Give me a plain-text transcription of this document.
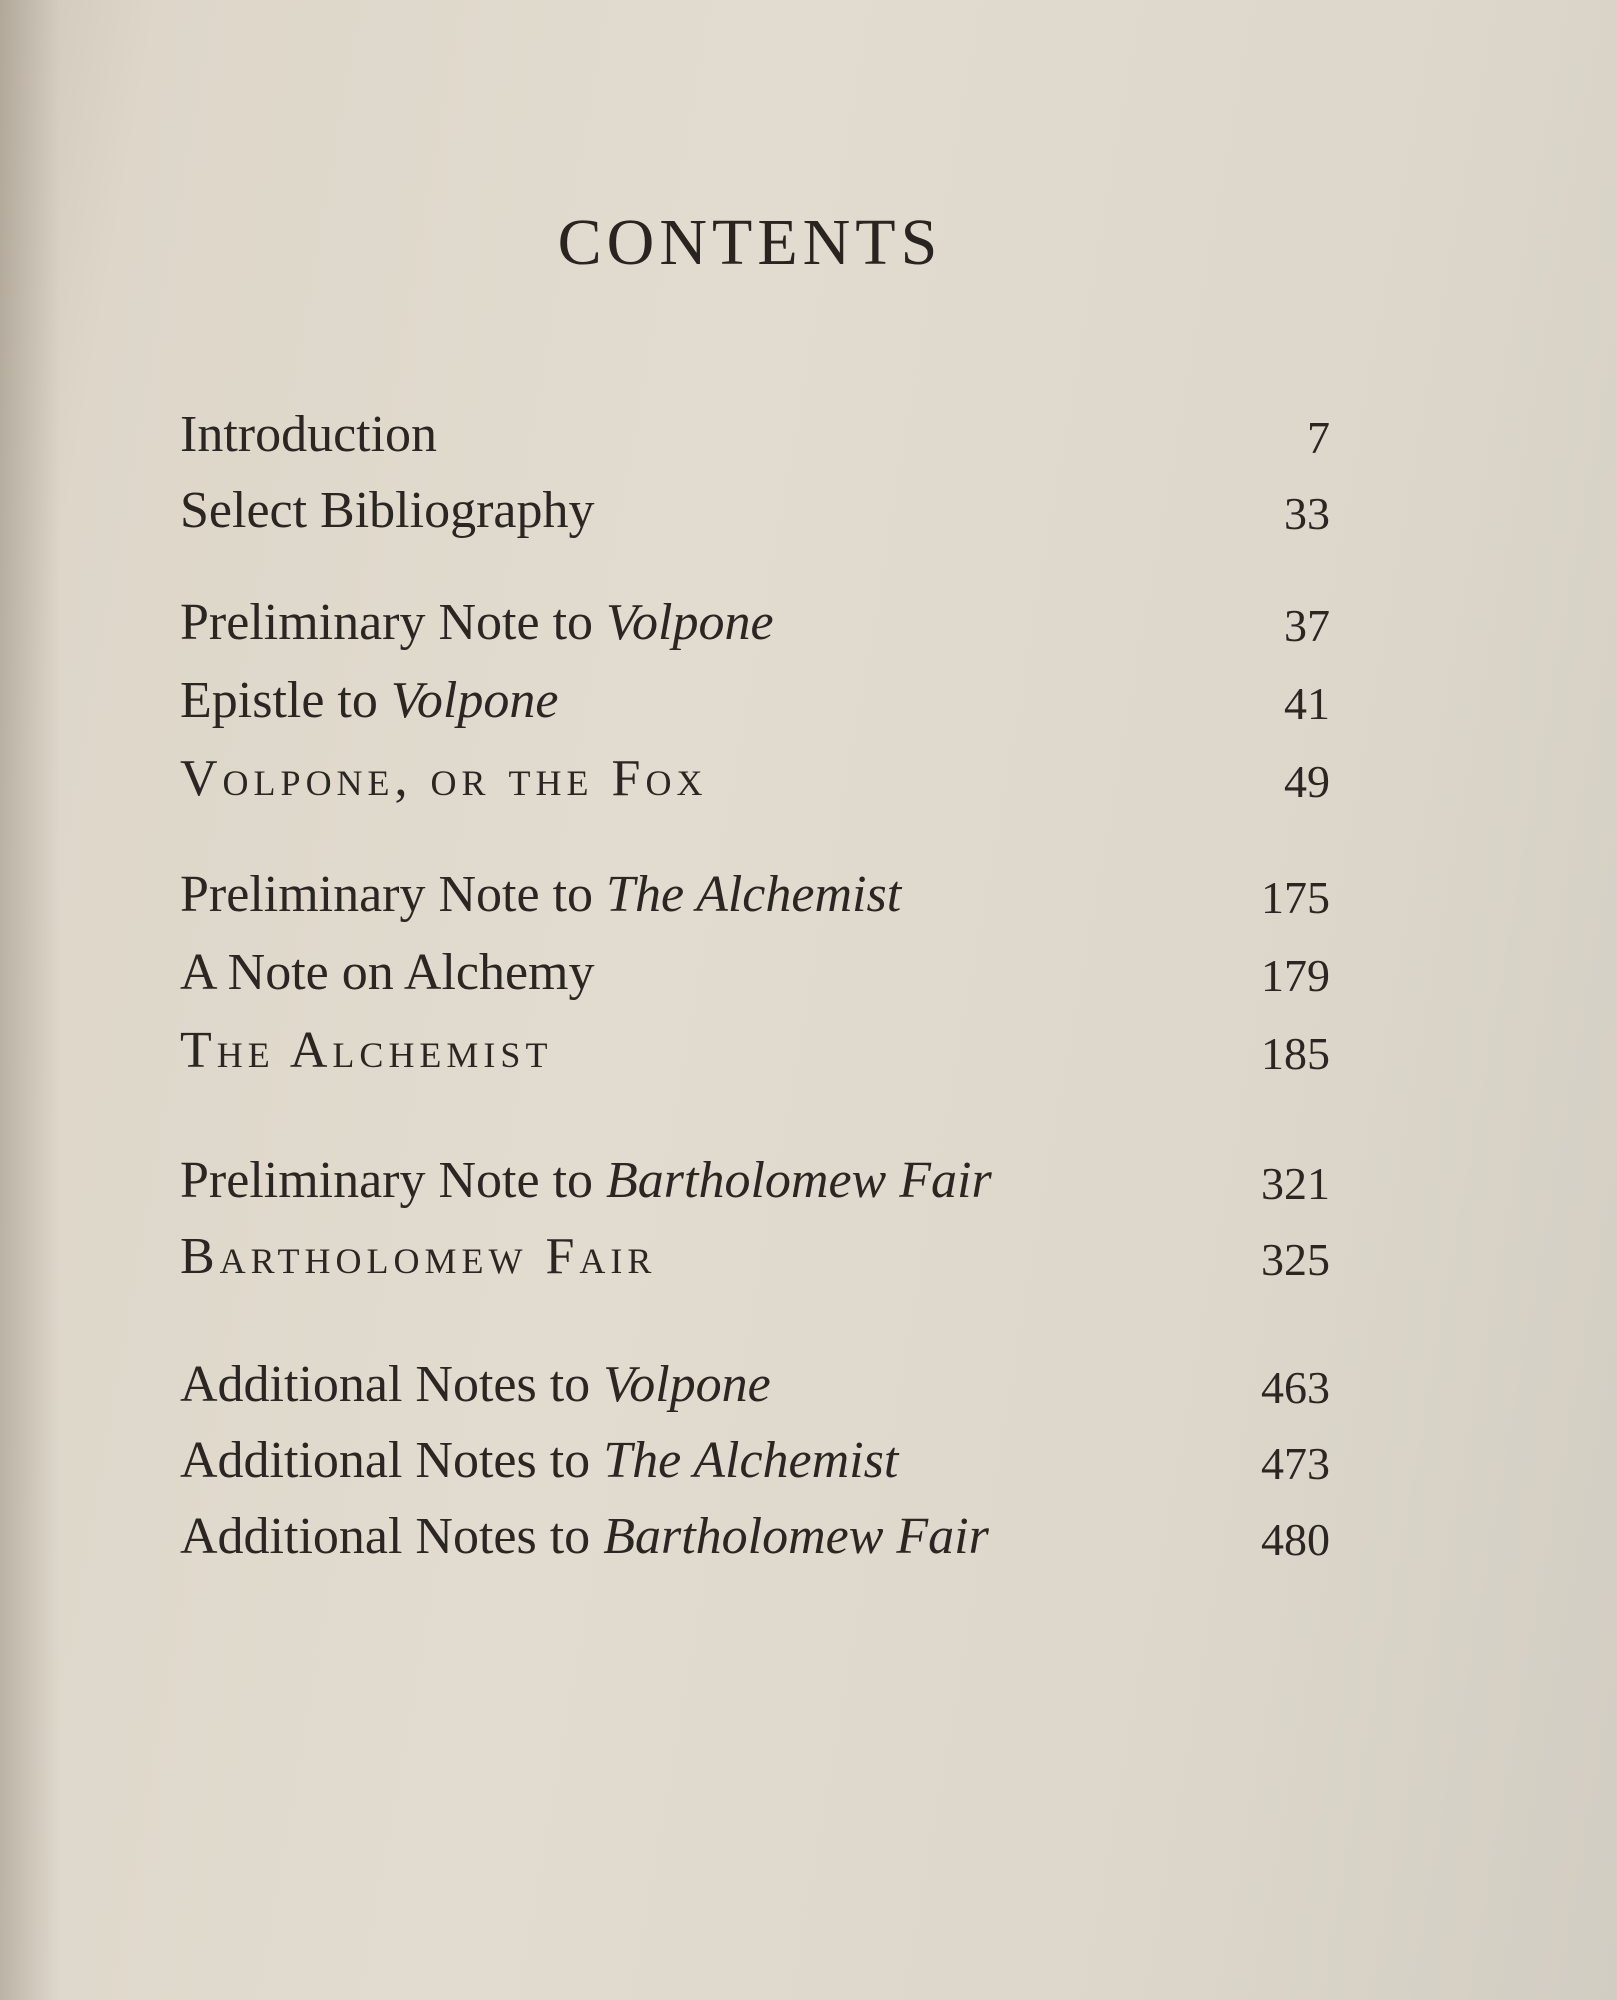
CONTENTS
Introduction	7
Select Bibliography	33
Preliminary Note to Volpone	37
Epistle to Volpone	41
Volpone, or the Fox	49
Preliminary Note to The Alchemist	175
A Note on Alchemy	179
The Alchemist	185
Preliminary Note to Bartholomew Fair	321
Bartholomew Fair	325
Additional Notes to Volpone	463
Additional Notes to The Alchemist	473
Additional Notes to Bartholomew Fair	480
